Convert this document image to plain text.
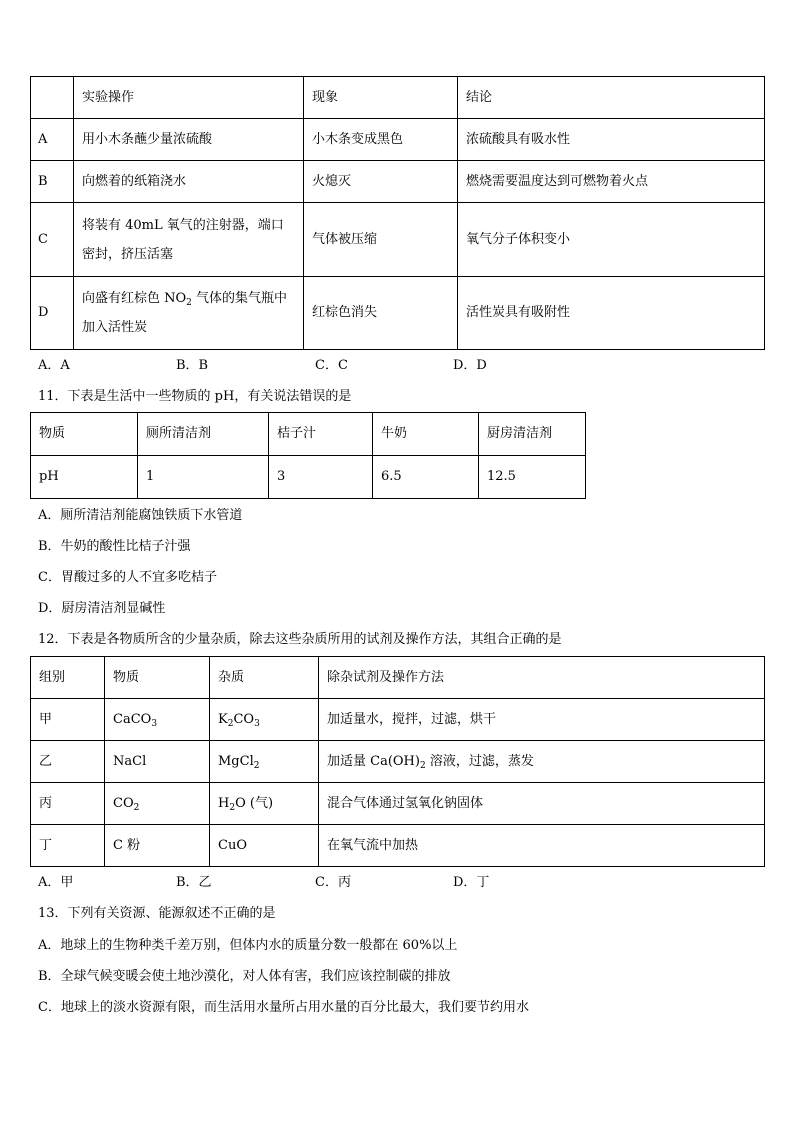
	实验操作	现象	结论
A	用小木条蘸少量浓硫酸	小木条变成黑色	浓硫酸具有吸水性
B	向燃着的纸箱浇水	火熄灭	燃烧需要温度达到可燃物着火点
C	将装有 40mL 氧气的注射器，端口
密封，挤压活塞	气体被压缩	氧气分子体积变小
D	向盛有红棕色 $NO_2$ 气体的集气瓶中
加入活性炭	红棕色消失	活性炭具有吸附性
A．A	B．B	C．C	D．D
11．下表是生活中一些物质的 pH，有关说法错误的是
物质	厕所清洁剂	桔子汁	牛奶	厨房清洁剂
pH	1	3	6.5	12.5
A．厕所清洁剂能腐蚀铁质下水管道
B．牛奶的酸性比桔子汁强
C．胃酸过多的人不宜多吃桔子
D．厨房清洁剂显碱性
12．下表是各物质所含的少量杂质，除去这些杂质所用的试剂及操作方法，其组合正确的是
组别	物质	杂质	除杂试剂及操作方法
甲	CaCO$_3$	$K_2CO_3$	加适量水，搅拌，过滤，烘干
乙	NaCl	MgCl$_2$	加适量 $Ca(OH)_2$ 溶液，过滤，蒸发
丙	$CO_2$	$H_2O$ (气)	混合气体通过氢氧化钠固体
丁	C 粉	CuO	在氧气流中加热
A．甲	B．乙	C．丙	D．丁
13．下列有关资源、能源叙述不正确的是
A．地球上的生物种类千差万别，但体内水的质量分数一般都在 60%以上
B．全球气候变暖会使土地沙漠化，对人体有害，我们应该控制碳的排放
C．地球上的淡水资源有限，而生活用水量所占用水量的百分比最大，我们要节约用水
